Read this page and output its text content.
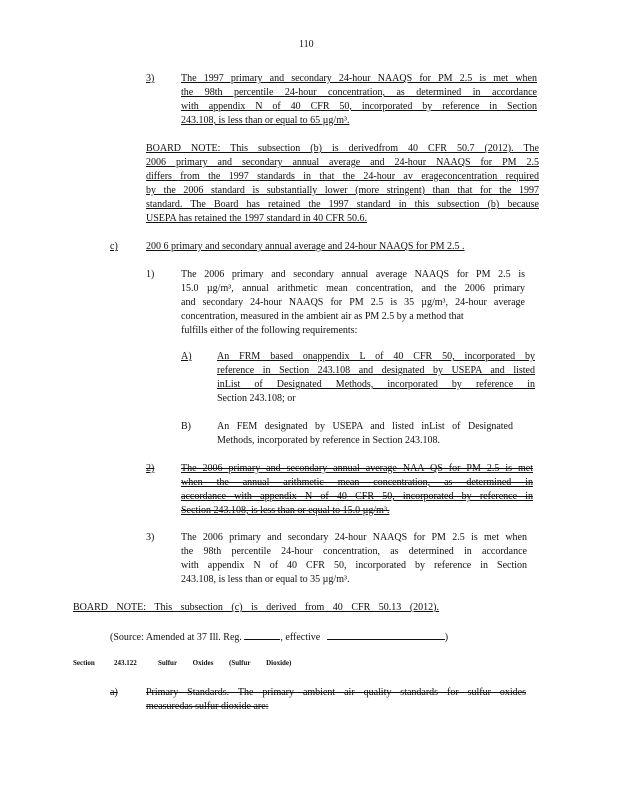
110
3)	The 1997 primary and secondary 24-hour NAAQS for PM 2.5 is met when
the 98th percentile 24-hour concentration, as determined in accordance
with appendix N of 40 CFR 50, incorporated by reference in Section
243.108, is less than or equal to 65 µg/m³.
BOARD NOTE: This subsection (b) is derivedfrom 40 CFR 50.7 (2012). The
2006 primary and secondary annual average and 24-hour NAAQS for PM 2.5
differs from the 1997 standards in that the 24-hour av erageconcentration required
by the 2006 standard is substantially lower (more stringent) than that for the 1997
standard. The Board has retained the 1997 standard in this subsection (b) because
USEPA has retained the 1997 standard in 40 CFR 50.6.
c)	200 6 primary and secondary annual average and 24-hour NAAQS for PM 2.5 .
1)	The 2006 primary and secondary annual average NAAQS for PM 2.5 is
15.0 µg/m³, annual arithmetic mean concentration, and the 2006 primary
and secondary 24-hour NAAQS for PM 2.5 is 35 µg/m³, 24-hour average
concentration, measured in the ambient air as PM 2.5 by a method that
fulfills either of the following requirements:
A)	An FRM based onappendix L of 40 CFR 50, incorporated by
reference in Section 243.108 and designated by USEPA and listed
inList of Designated Methods, incorporated by reference in
Section 243.108; or
B)	An FEM designated by USEPA and listed inList of Designated
Methods, incorporated by reference in Section 243.108.
2)	The 2006 primary and secondary annual average NAA QS for PM 2.5 is met
when the annual arithmetic mean concentration, as determined in
accordance with appendix N of 40 CFR 50, incorporated by reference in
Section 243.108, is less than or equal to 15.0 µg/m³.
3)	The 2006 primary and secondary 24-hour NAAQS for PM 2.5 is met when
the 98th percentile 24-hour concentration, as determined in accordance
with appendix N of 40 CFR 50, incorporated by reference in Section
243.108, is less than or equal to 35 µg/m³.
BOARD NOTE: This subsection (c) is derived from 40 CFR 50.13 (2012).
(Source: Amended at 37 Ill. Reg.	, effective	)
Section	243.122	Sulfur Oxides (Sulfur Dioxide)
a)	Primary Standards. The primary ambient air quality standards for sulfur oxides
measuredas sulfur dioxide are:
